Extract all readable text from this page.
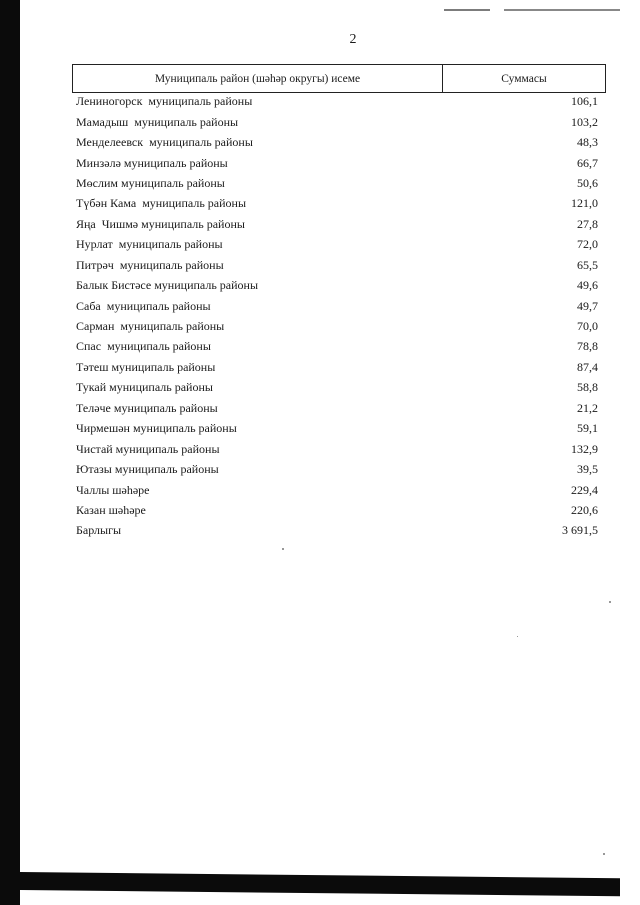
2
Муниципаль район (шәһәр округы) исеме	Суммасы
Лениногорск  муниципаль районы	106,1
Мамадыш  муниципаль районы	103,2
Менделеевск  муниципаль районы	48,3
Минзәлә муниципаль районы	66,7
Мөслим муниципаль районы	50,6
Түбән Кама  муниципаль районы	121,0
Яңа  Чишмә муниципаль районы	27,8
Нурлат  муниципаль районы	72,0
Питрәч  муниципаль районы	65,5
Балык Бистәсе муниципаль районы	49,6
Саба  муниципаль районы	49,7
Сарман  муниципаль районы	70,0
Спас  муниципаль районы	78,8
Тәтеш муниципаль районы	87,4
Тукай муниципаль районы	58,8
Теләче муниципаль районы	21,2
Чирмешән муниципаль районы	59,1
Чистай муниципаль районы	132,9
Ютазы муниципаль районы	39,5
Чаллы шәһәре	229,4
Казан шәһәре	220,6
Барлыгы	3 691,5
